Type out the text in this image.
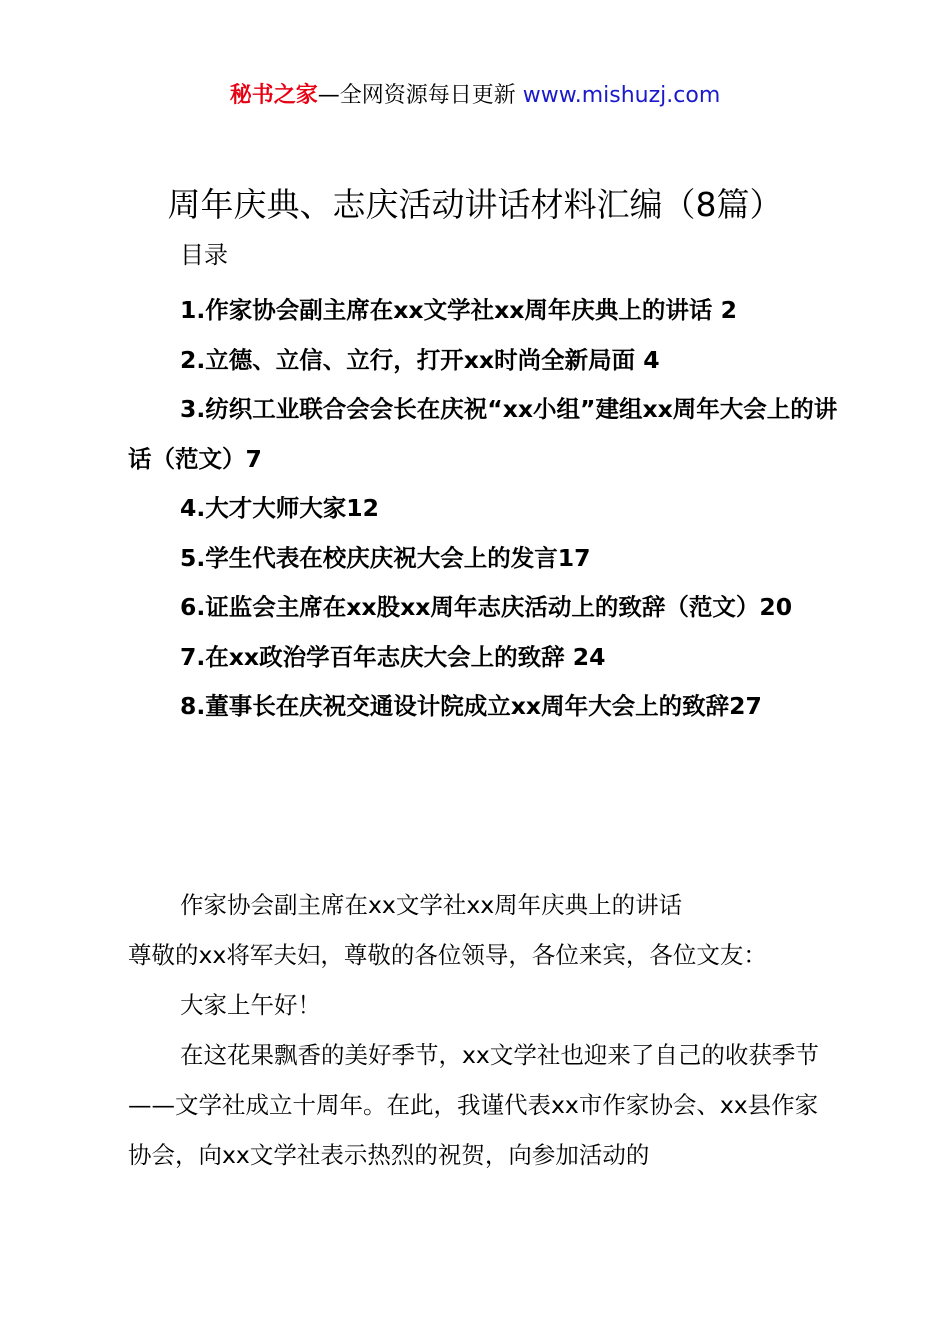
秘书之家—全网资源每日更新 www.mishuzj.com
周年庆典、志庆活动讲话材料汇编（8篇）
目录
1.作家协会副主席在xx文学社xx周年庆典上的讲话 2
2.立德、立信、立行，打开xx时尚全新局面 4
3.纺织工业联合会会长在庆祝“xx小组”建组xx周年大会上的讲话（范文）7
4.大才大师大家12
5.学生代表在校庆庆祝大会上的发言17
6.证监会主席在xx股xx周年志庆活动上的致辞（范文）20
7.在xx政治学百年志庆大会上的致辞 24
8.董事长在庆祝交通设计院成立xx周年大会上的致辞27

作家协会副主席在xx文学社xx周年庆典上的讲话

尊敬的xx将军夫妇，尊敬的各位领导，各位来宾，各位文友：

大家上午好！

在这花果飘香的美好季节，xx文学社也迎来了自己的收获季节——文学社成立十周年。在此，我谨代表xx市作家协会、xx县作家协会，向xx文学社表示热烈的祝贺，向参加活动的
